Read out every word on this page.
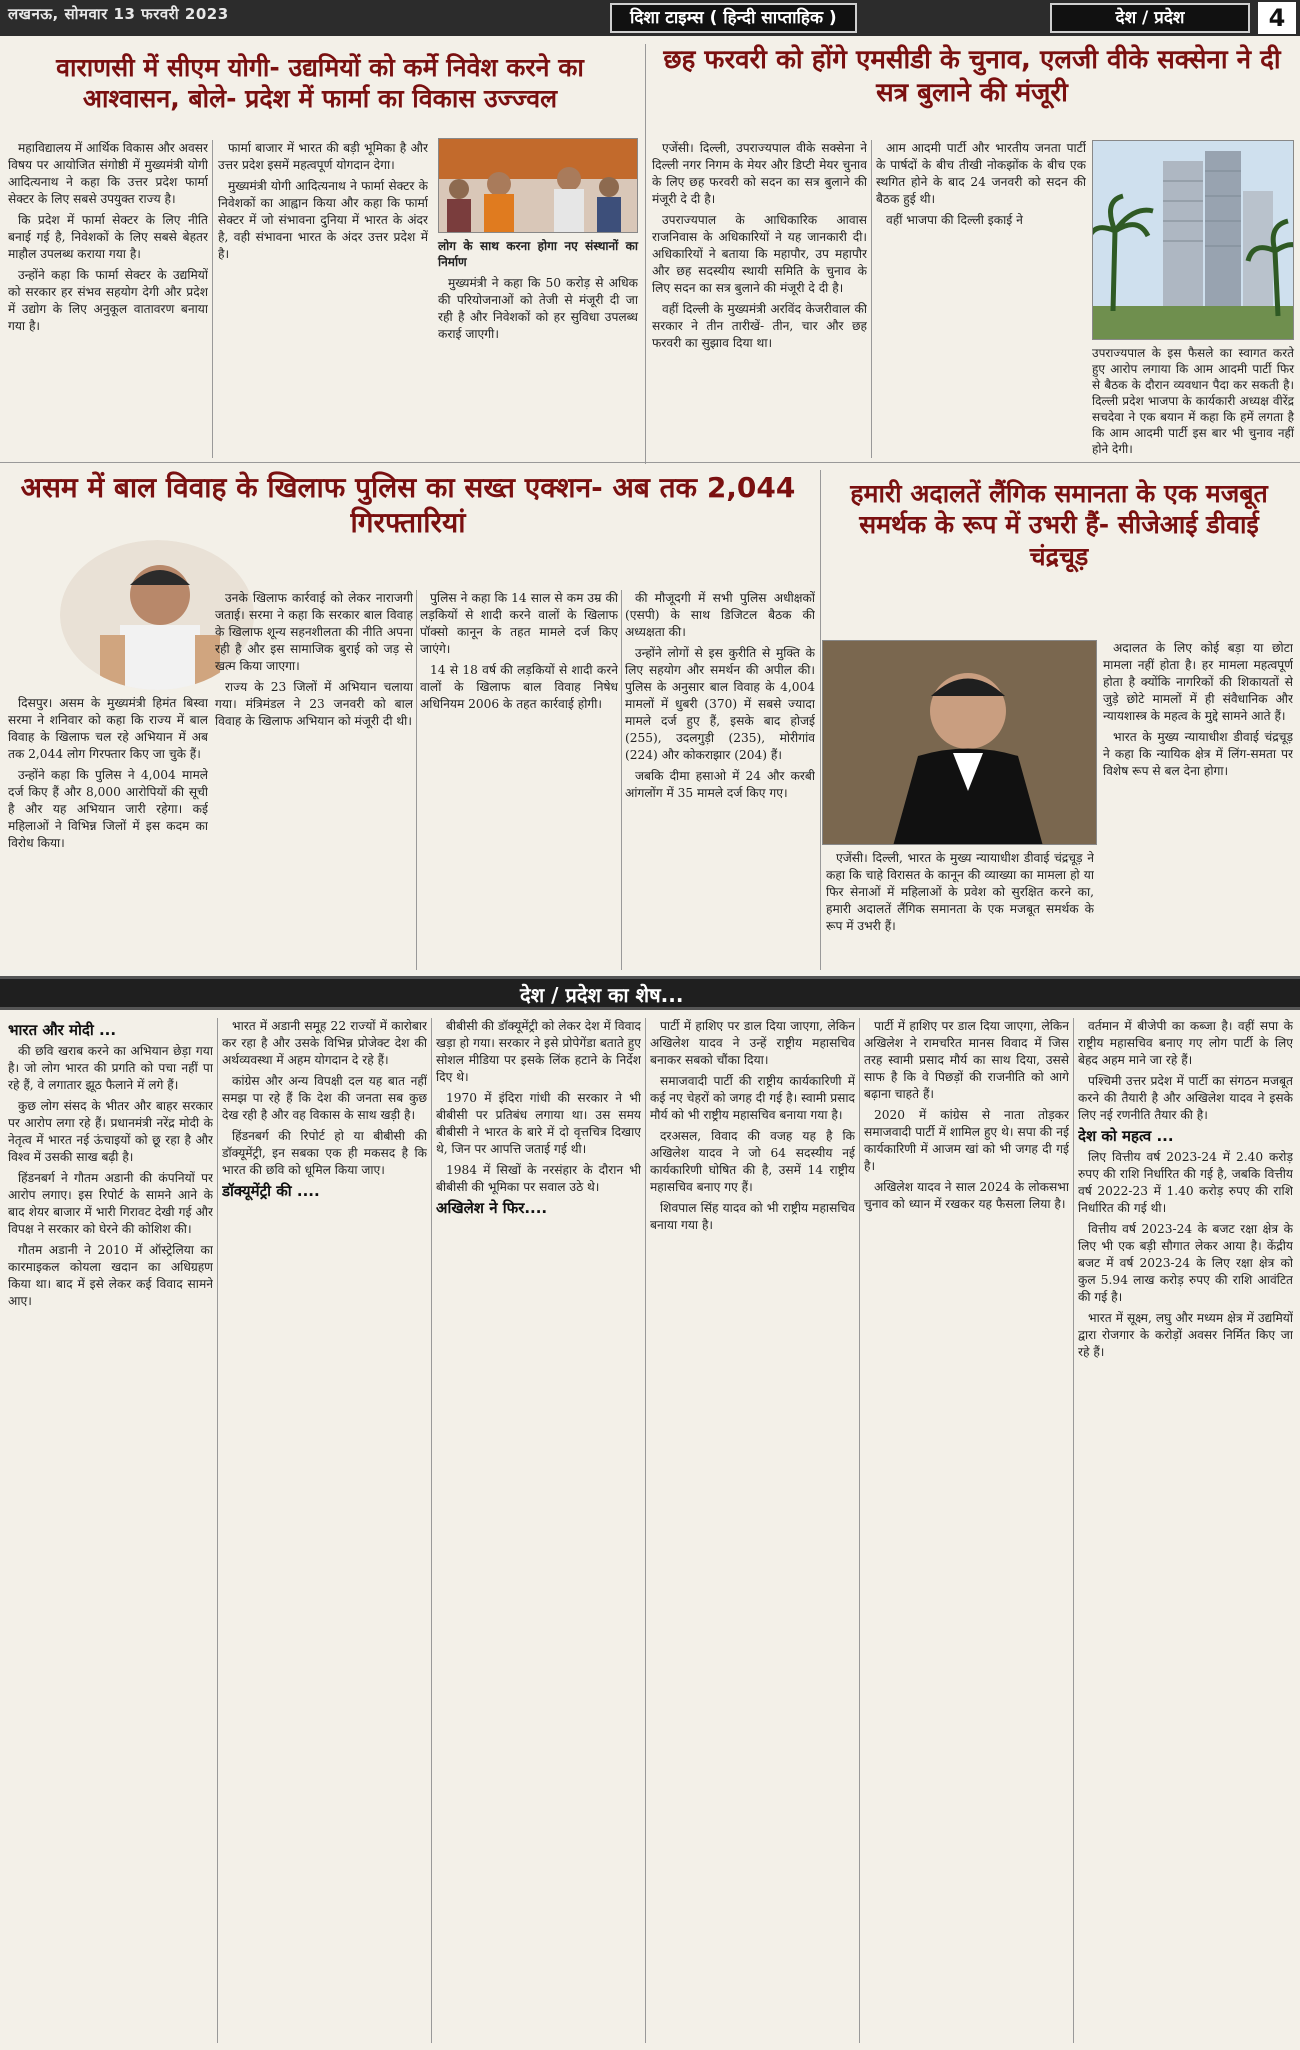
लखनऊ, सोमवार 13 फरवरी 2023	दिशा टाइम्स ( हिन्दी साप्ताहिक )	देश / प्रदेश	4
वाराणसी में सीएम योगी- उद्यमियों को कर्मे निवेश करने का आश्वासन, बोले- प्रदेश में फार्मा का विकास उज्ज्वल

महाविद्यालय में आर्थिक विकास और अवसर विषय पर आयोजित संगोष्ठी में मुख्यमंत्री योगी आदित्यनाथ ने कहा कि उत्तर प्रदेश फार्मा सेक्टर के लिए सबसे उपयुक्त राज्य है।

कि प्रदेश में फार्मा सेक्टर के लिए नीति बनाई गई है, निवेशकों के लिए सबसे बेहतर माहौल उपलब्ध कराया गया है।

उन्होंने कहा कि फार्मा सेक्टर के उद्यमियों को सरकार हर संभव सहयोग देगी और प्रदेश में उद्योग के लिए अनुकूल वातावरण बनाया गया है।

फार्मा बाजार में भारत की बड़ी भूमिका है और उत्तर प्रदेश इसमें महत्वपूर्ण योगदान देगा।

मुख्यमंत्री योगी आदित्यनाथ ने फार्मा सेक्टर के निवेशकों का आह्वान किया और कहा कि फार्मा सेक्टर में जो संभावना दुनिया में भारत के अंदर है, वही संभावना भारत के अंदर उत्तर प्रदेश में है।

लोग के साथ करना होगा नए संस्थानों का निर्माण

मुख्यमंत्री ने कहा कि 50 करोड़ से अधिक की परियोजनाओं को तेजी से मंजूरी दी जा रही है और निवेशकों को हर सुविधा उपलब्ध कराई जाएगी।

छह फरवरी को होंगे एमसीडी के चुनाव, एलजी वीके सक्सेना ने दी सत्र बुलाने की मंजूरी

एजेंसी। दिल्ली, उपराज्यपाल वीके सक्सेना ने दिल्ली नगर निगम के मेयर और डिप्टी मेयर चुनाव के लिए छह फरवरी को सदन का सत्र बुलाने की मंजूरी दे दी है।

उपराज्यपाल के आधिकारिक आवास राजनिवास के अधिकारियों ने यह जानकारी दी। अधिकारियों ने बताया कि महापौर, उप महापौर और छह सदस्यीय स्थायी समिति के चुनाव के लिए सदन का सत्र बुलाने की मंजूरी दे दी है।

वहीं दिल्ली के मुख्यमंत्री अरविंद केजरीवाल की सरकार ने तीन तारीखें- तीन, चार और छह फरवरी का सुझाव दिया था।

आम आदमी पार्टी और भारतीय जनता पार्टी के पार्षदों के बीच तीखी नोकझोंक के बीच एक स्थगित होने के बाद 24 जनवरी को सदन की बैठक हुई थी।

वहीं भाजपा की दिल्ली इकाई ने

उपराज्यपाल के इस फैसले का स्वागत करते हुए आरोप लगाया कि आम आदमी पार्टी फिर से बैठक के दौरान व्यवधान पैदा कर सकती है। दिल्ली प्रदेश भाजपा के कार्यकारी अध्यक्ष वीरेंद्र सचदेवा ने एक बयान में कहा कि हमें लगता है कि आम आदमी पार्टी इस बार भी चुनाव नहीं होने देगी।
असम में बाल विवाह के खिलाफ पुलिस का सख्त एक्शन- अब तक 2,044 गिरफ्तारियां

दिसपुर। असम के मुख्यमंत्री हिमंत बिस्वा सरमा ने शनिवार को कहा कि राज्य में बाल विवाह के खिलाफ चल रहे अभियान में अब तक 2,044 लोग गिरफ्तार किए जा चुके हैं।

उन्होंने कहा कि पुलिस ने 4,004 मामले दर्ज किए हैं और 8,000 आरोपियों की सूची है और यह अभियान जारी रहेगा। कई महिलाओं ने विभिन्न जिलों में इस कदम का विरोध किया।

उनके खिलाफ कार्रवाई को लेकर नाराजगी जताई। सरमा ने कहा कि सरकार बाल विवाह के खिलाफ शून्य सहनशीलता की नीति अपना रही है और इस सामाजिक बुराई को जड़ से खत्म किया जाएगा।

राज्य के 23 जिलों में अभियान चलाया गया। मंत्रिमंडल ने 23 जनवरी को बाल विवाह के खिलाफ अभियान को मंजूरी दी थी।

पुलिस ने कहा कि 14 साल से कम उम्र की लड़कियों से शादी करने वालों के खिलाफ पॉक्सो कानून के तहत मामले दर्ज किए जाएंगे।

14 से 18 वर्ष की लड़कियों से शादी करने वालों के खिलाफ बाल विवाह निषेध अधिनियम 2006 के तहत कार्रवाई होगी।

की मौजूदगी में सभी पुलिस अधीक्षकों (एसपी) के साथ डिजिटल बैठक की अध्यक्षता की।

उन्होंने लोगों से इस कुरीति से मुक्ति के लिए सहयोग और समर्थन की अपील की। पुलिस के अनुसार बाल विवाह के 4,004 मामलों में धुबरी (370) में सबसे ज्यादा मामले दर्ज हुए हैं, इसके बाद होजई (255), उदलगुड़ी (235), मोरीगांव (224) और कोकराझार (204) हैं।

जबकि दीमा हसाओ में 24 और करबी आंगलोंग में 35 मामले दर्ज किए गए।

हमारी अदालतें लैंगिक समानता के एक मजबूत समर्थक के रूप में उभरी हैं- सीजेआई डीवाई चंद्रचूड़

अदालत के लिए कोई बड़ा या छोटा मामला नहीं होता है। हर मामला महत्वपूर्ण होता है क्योंकि नागरिकों की शिकायतों से जुड़े छोटे मामलों में ही संवैधानिक और न्यायशास्त्र के महत्व के मुद्दे सामने आते हैं।

भारत के मुख्य न्यायाधीश डीवाई चंद्रचूड़ ने कहा कि न्यायिक क्षेत्र में लिंग-समता पर विशेष रूप से बल देना होगा।

एजेंसी। दिल्ली, भारत के मुख्य न्यायाधीश डीवाई चंद्रचूड़ ने कहा कि चाहे विरासत के कानून की व्याख्या का मामला हो या फिर सेनाओं में महिलाओं के प्रवेश को सुरक्षित करने का, हमारी अदालतें लैंगिक समानता के एक मजबूत समर्थक के रूप में उभरी हैं।

देश / प्रदेश का शेष...
भारत और मोदी ...

की छवि खराब करने का अभियान छेड़ा गया है। जो लोग भारत की प्रगति को पचा नहीं पा रहे हैं, वे लगातार झूठ फैलाने में लगे हैं।

कुछ लोग संसद के भीतर और बाहर सरकार पर आरोप लगा रहे हैं। प्रधानमंत्री नरेंद्र मोदी के नेतृत्व में भारत नई ऊंचाइयों को छू रहा है और विश्व में उसकी साख बढ़ी है।

हिंडनबर्ग ने गौतम अडानी की कंपनियों पर आरोप लगाए। इस रिपोर्ट के सामने आने के बाद शेयर बाजार में भारी गिरावट देखी गई और विपक्ष ने सरकार को घेरने की कोशिश की।

गौतम अडानी ने 2010 में ऑस्ट्रेलिया का कारमाइकल कोयला खदान का अधिग्रहण किया था। बाद में इसे लेकर कई विवाद सामने आए।

भारत में अडानी समूह 22 राज्यों में कारोबार कर रहा है और उसके विभिन्न प्रोजेक्ट देश की अर्थव्यवस्था में अहम योगदान दे रहे हैं।

कांग्रेस और अन्य विपक्षी दल यह बात नहीं समझ पा रहे हैं कि देश की जनता सब कुछ देख रही है और वह विकास के साथ खड़ी है।

हिंडनबर्ग की रिपोर्ट हो या बीबीसी की डॉक्यूमेंट्री, इन सबका एक ही मकसद है कि भारत की छवि को धूमिल किया जाए।

डॉक्यूमेंट्री की ....

बीबीसी की डॉक्यूमेंट्री को लेकर देश में विवाद खड़ा हो गया। सरकार ने इसे प्रोपेगेंडा बताते हुए सोशल मीडिया पर इसके लिंक हटाने के निर्देश दिए थे।

1970 में इंदिरा गांधी की सरकार ने भी बीबीसी पर प्रतिबंध लगाया था। उस समय बीबीसी ने भारत के बारे में दो वृत्तचित्र दिखाए थे, जिन पर आपत्ति जताई गई थी।

1984 में सिखों के नरसंहार के दौरान भी बीबीसी की भूमिका पर सवाल उठे थे।

अखिलेश ने फिर....

पार्टी में हाशिए पर डाल दिया जाएगा, लेकिन अखिलेश यादव ने उन्हें राष्ट्रीय महासचिव बनाकर सबको चौंका दिया।

समाजवादी पार्टी की राष्ट्रीय कार्यकारिणी में कई नए चेहरों को जगह दी गई है। स्वामी प्रसाद मौर्य को भी राष्ट्रीय महासचिव बनाया गया है।

दरअसल, विवाद की वजह यह है कि अखिलेश यादव ने जो 64 सदस्यीय नई कार्यकारिणी घोषित की है, उसमें 14 राष्ट्रीय महासचिव बनाए गए हैं।

शिवपाल सिंह यादव को भी राष्ट्रीय महासचिव बनाया गया है।

पार्टी में हाशिए पर डाल दिया जाएगा, लेकिन अखिलेश ने रामचरित मानस विवाद में जिस तरह स्वामी प्रसाद मौर्य का साथ दिया, उससे साफ है कि वे पिछड़ों की राजनीति को आगे बढ़ाना चाहते हैं।

2020 में कांग्रेस से नाता तोड़कर समाजवादी पार्टी में शामिल हुए थे। सपा की नई कार्यकारिणी में आजम खां को भी जगह दी गई है।

अखिलेश यादव ने साल 2024 के लोकसभा चुनाव को ध्यान में रखकर यह फैसला लिया है।

वर्तमान में बीजेपी का कब्जा है। वहीं सपा के राष्ट्रीय महासचिव बनाए गए लोग पार्टी के लिए बेहद अहम माने जा रहे हैं।

पश्चिमी उत्तर प्रदेश में पार्टी का संगठन मजबूत करने की तैयारी है और अखिलेश यादव ने इसके लिए नई रणनीति तैयार की है।

देश को महत्व ...

लिए वित्तीय वर्ष 2023-24 में 2.40 करोड़ रुपए की राशि निर्धारित की गई है, जबकि वित्तीय वर्ष 2022-23 में 1.40 करोड़ रुपए की राशि निर्धारित की गई थी।

वित्तीय वर्ष 2023-24 के बजट रक्षा क्षेत्र के लिए भी एक बड़ी सौगात लेकर आया है। केंद्रीय बजट में वर्ष 2023-24 के लिए रक्षा क्षेत्र को कुल 5.94 लाख करोड़ रुपए की राशि आवंटित की गई है।

भारत में सूक्ष्म, लघु और मध्यम क्षेत्र में उद्यमियों द्वारा रोजगार के करोड़ों अवसर निर्मित किए जा रहे हैं।
